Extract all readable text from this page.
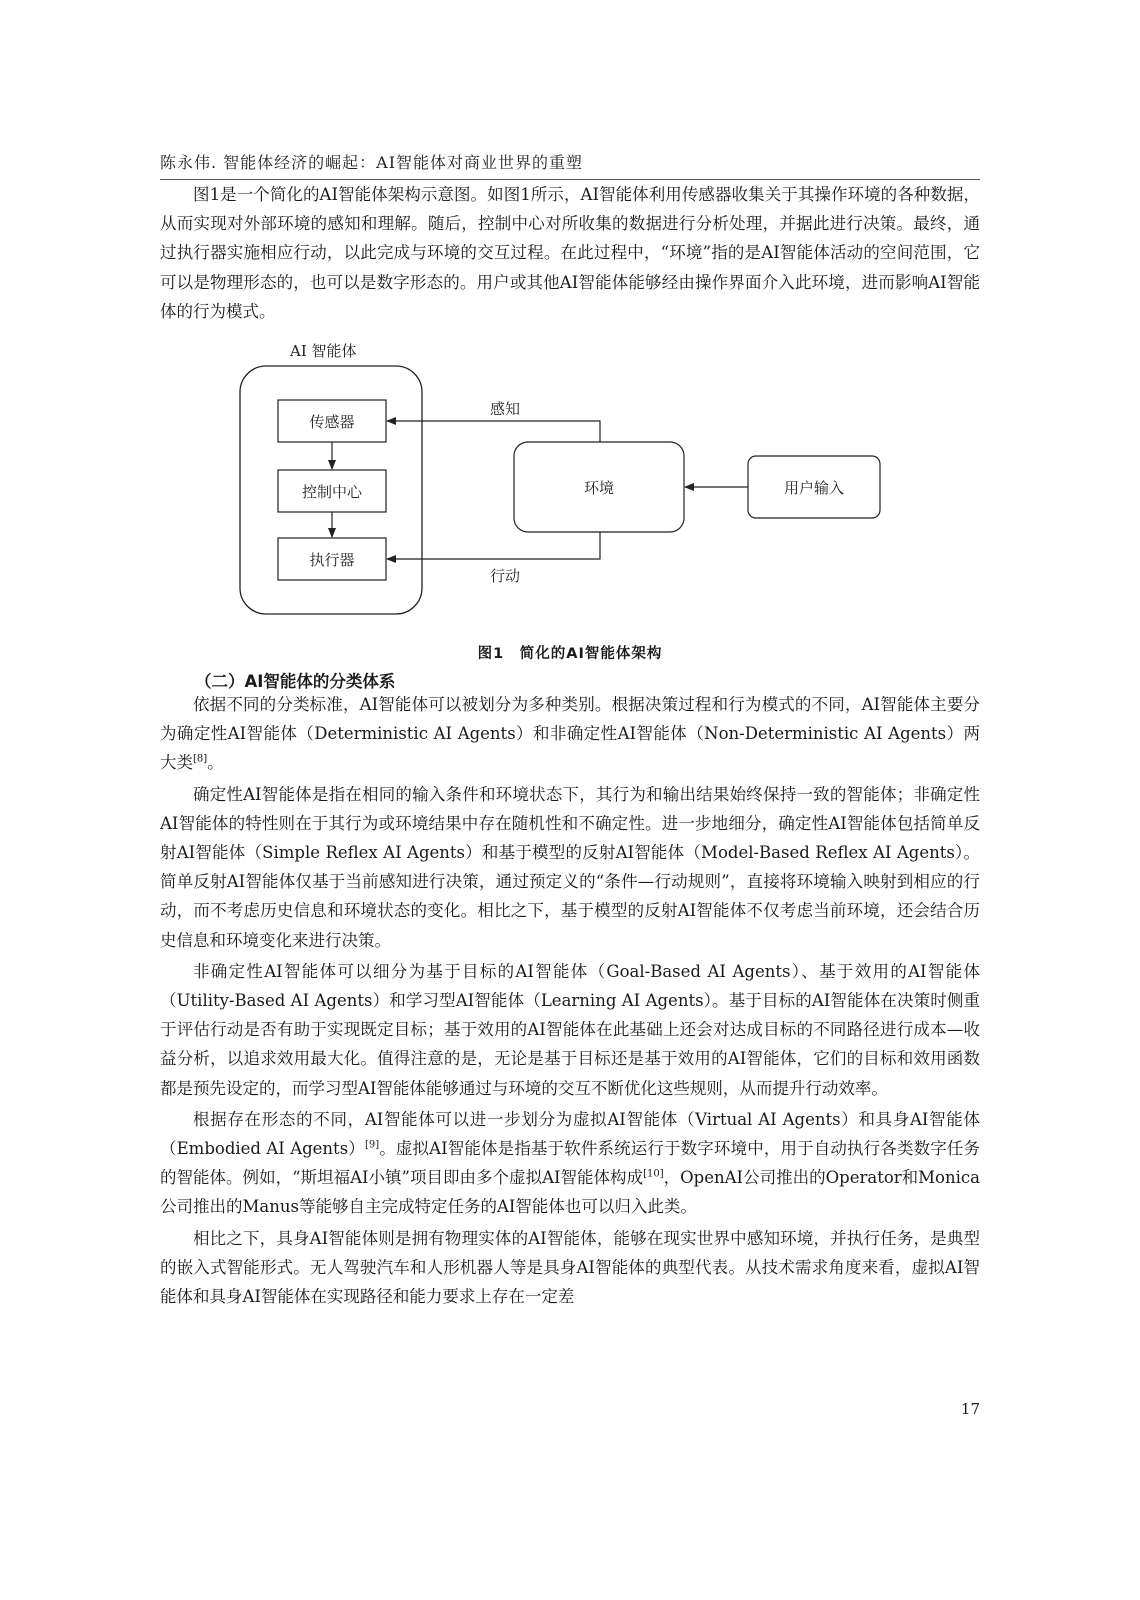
陈永伟. 智能体经济的崛起：AI智能体对商业世界的重塑

图1是一个简化的AI智能体架构示意图。如图1所示，AI智能体利用传感器收集关于其操作环境的各种数据，从而实现对外部环境的感知和理解。随后，控制中心对所收集的数据进行分析处理，并据此进行决策。最终，通过执行器实施相应行动，以此完成与环境的交互过程。在此过程中，“环境”指的是AI智能体活动的空间范围，它可以是物理形态的，也可以是数字形态的。用户或其他AI智能体能够经由操作界面介入此环境，进而影响AI智能体的行为模式。

AI 智能体
传感器
控制中心
执行器
环境	用户输入
感知
行动
图1　简化的AI智能体架构
（二）AI智能体的分类体系

依据不同的分类标准，AI智能体可以被划分为多种类别。根据决策过程和行为模式的不同，AI智能体主要分为确定性AI智能体（Deterministic AI Agents）和非确定性AI智能体（Non-Deterministic AI Agents）两大类[8]。

确定性AI智能体是指在相同的输入条件和环境状态下，其行为和输出结果始终保持一致的智能体；非确定性AI智能体的特性则在于其行为或环境结果中存在随机性和不确定性。进一步地细分，确定性AI智能体包括简单反射AI智能体（Simple Reflex AI Agents）和基于模型的反射AI智能体（Model-Based Reflex AI Agents）。简单反射AI智能体仅基于当前感知进行决策，通过预定义的“条件—行动规则”，直接将环境输入映射到相应的行动，而不考虑历史信息和环境状态的变化。相比之下，基于模型的反射AI智能体不仅考虑当前环境，还会结合历史信息和环境变化来进行决策。

非确定性AI智能体可以细分为基于目标的AI智能体（Goal-Based AI Agents）、基于效用的AI智能体（Utility-Based AI Agents）和学习型AI智能体（Learning AI Agents）。基于目标的AI智能体在决策时侧重于评估行动是否有助于实现既定目标；基于效用的AI智能体在此基础上还会对达成目标的不同路径进行成本—收益分析，以追求效用最大化。值得注意的是，无论是基于目标还是基于效用的AI智能体，它们的目标和效用函数都是预先设定的，而学习型AI智能体能够通过与环境的交互不断优化这些规则，从而提升行动效率。

根据存在形态的不同，AI智能体可以进一步划分为虚拟AI智能体（Virtual AI Agents）和具身AI智能体（Embodied AI Agents）[9]。虚拟AI智能体是指基于软件系统运行于数字环境中，用于自动执行各类数字任务的智能体。例如，“斯坦福AI小镇”项目即由多个虚拟AI智能体构成[10]，OpenAI公司推出的Operator和Monica公司推出的Manus等能够自主完成特定任务的AI智能体也可以归入此类。

相比之下，具身AI智能体则是拥有物理实体的AI智能体，能够在现实世界中感知环境，并执行任务，是典型的嵌入式智能形式。无人驾驶汽车和人形机器人等是具身AI智能体的典型代表。从技术需求角度来看，虚拟AI智能体和具身AI智能体在实现路径和能力要求上存在一定差

17
